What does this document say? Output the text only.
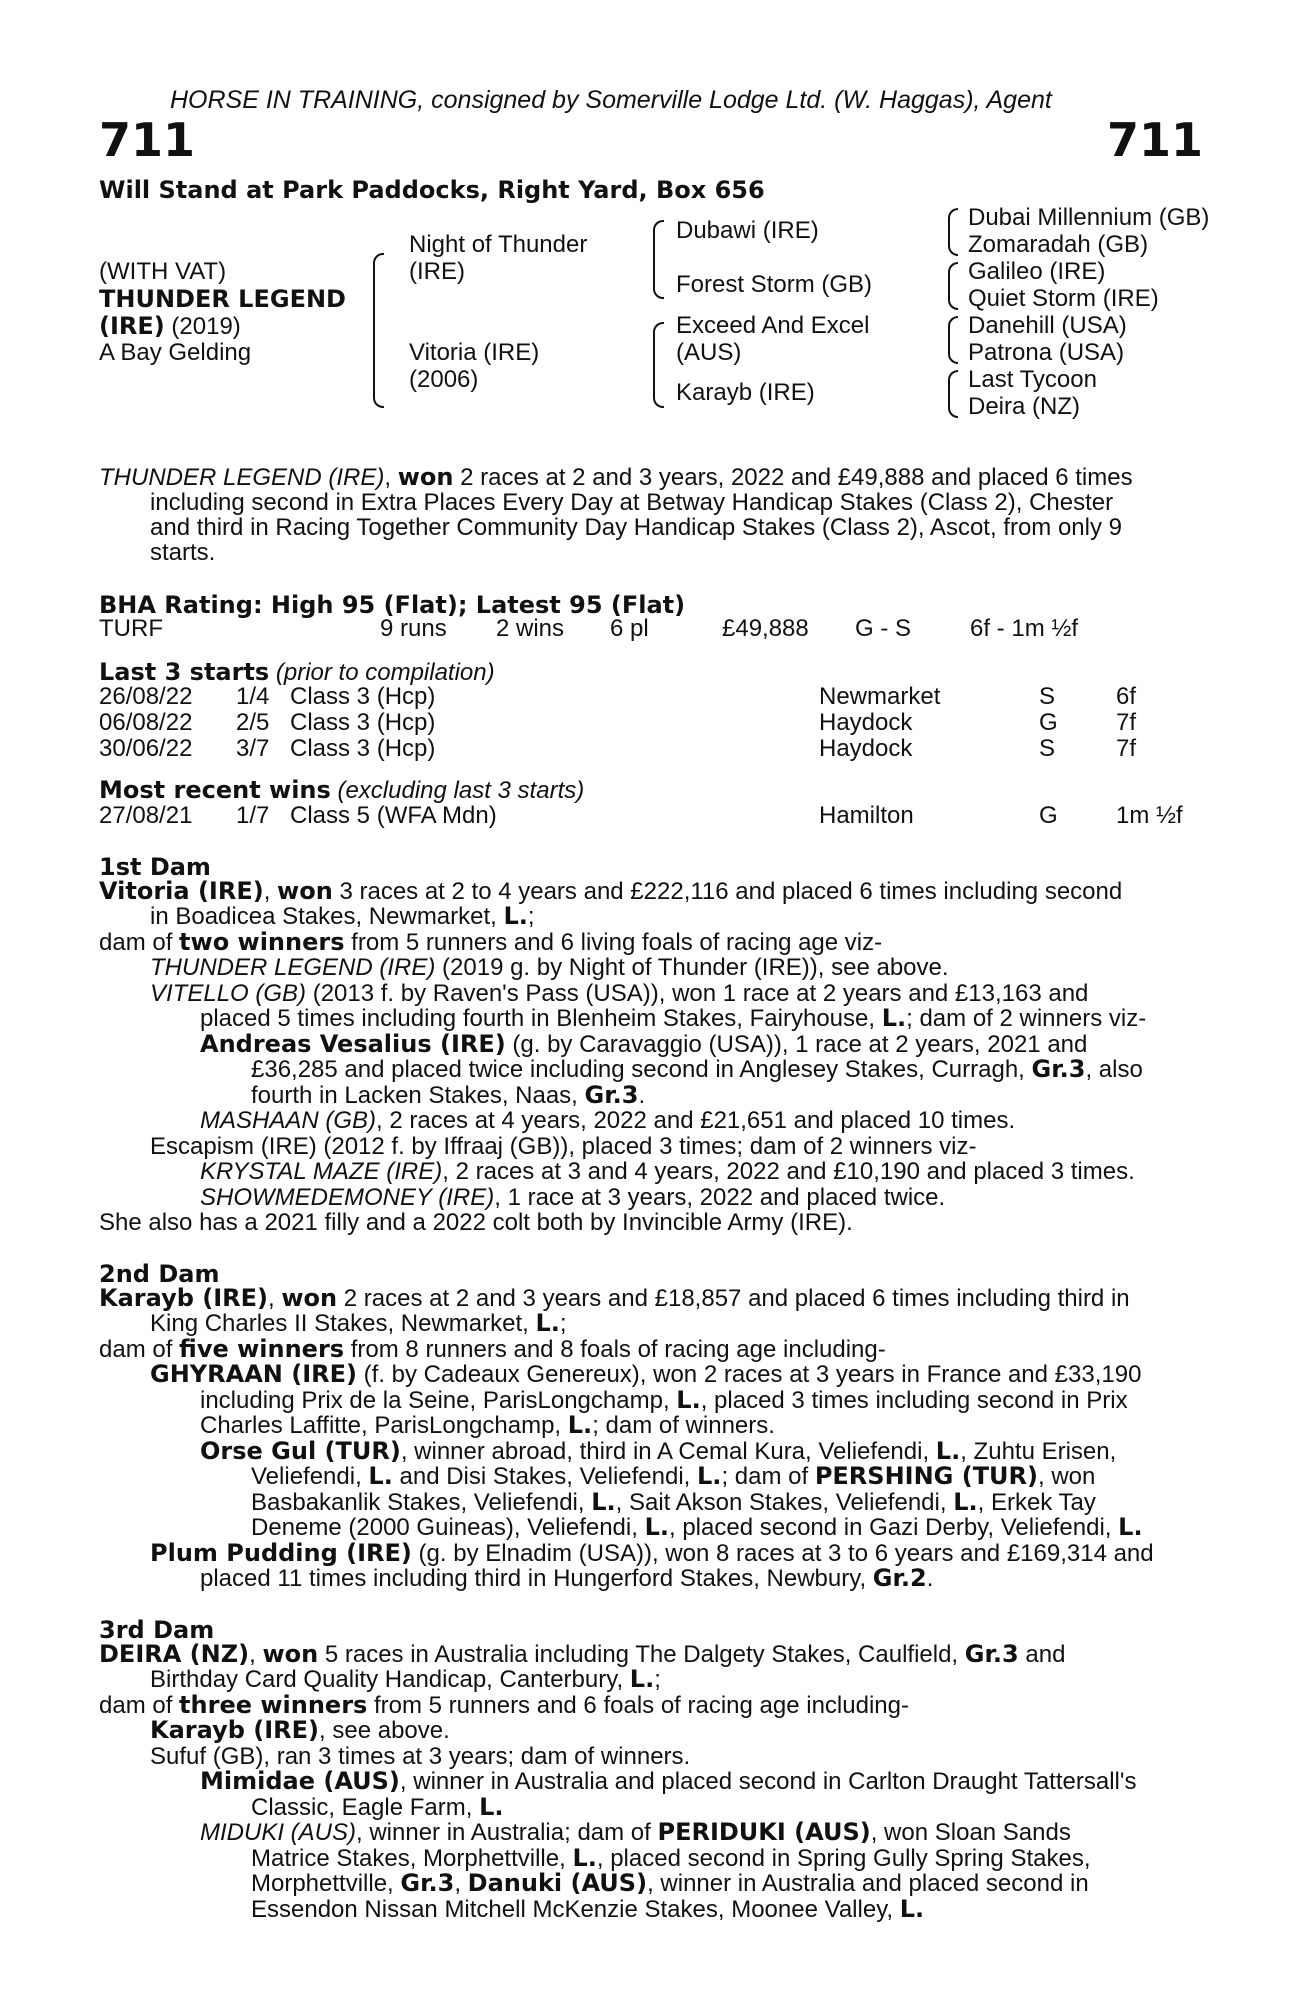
HORSE IN TRAINING, consigned by Somerville Lodge Ltd. (W. Haggas), Agent
711	711
Will Stand at Park Paddocks, Right Yard, Box 656
(WITH VAT)
THUNDER LEGEND
(IRE) (2019)
A Bay Gelding
Night of Thunder
(IRE)
Vitoria (IRE)
(2006)
Dubawi (IRE)
Forest Storm (GB)
Exceed And Excel
(AUS)
Karayb (IRE)
Dubai Millennium (GB)
Zomaradah (GB)
Galileo (IRE)
Quiet Storm (IRE)
Danehill (USA)
Patrona (USA)
Last Tycoon
Deira (NZ)
THUNDER LEGEND (IRE), won 2 races at 2 and 3 years, 2022 and £49,888 and placed 6 times
including second in Extra Places Every Day at Betway Handicap Stakes (Class 2), Chester
and third in Racing Together Community Day Handicap Stakes (Class 2), Ascot, from only 9
starts.
BHA Rating: High 95 (Flat); Latest 95 (Flat)
TURF	9 runs 2 wins 6 pl	£49,888 G - S 6f - 1m ½f
Last 3 starts (prior to compilation)
26/08/22 1/4 Class 3 (Hcp)	Newmarket	S	6f
06/08/22 2/5 Class 3 (Hcp)	Haydock	G 7f
30/06/22 3/7 Class 3 (Hcp)	Haydock	S	7f
Most recent wins (excluding last 3 starts)
27/08/21 1/7 Class 5 (WFA Mdn)	Hamilton	G 1m ½f
1st Dam
Vitoria (IRE), won 3 races at 2 to 4 years and £222,116 and placed 6 times including second
in Boadicea Stakes, Newmarket, L.;
dam of two winners from 5 runners and 6 living foals of racing age viz-
THUNDER LEGEND (IRE) (2019 g. by Night of Thunder (IRE)), see above.
VITELLO (GB) (2013 f. by Raven's Pass (USA)), won 1 race at 2 years and £13,163 and
placed 5 times including fourth in Blenheim Stakes, Fairyhouse, L.; dam of 2 winners viz-
Andreas Vesalius (IRE) (g. by Caravaggio (USA)), 1 race at 2 years, 2021 and
£36,285 and placed twice including second in Anglesey Stakes, Curragh, Gr.3, also
fourth in Lacken Stakes, Naas, Gr.3.
MASHAAN (GB), 2 races at 4 years, 2022 and £21,651 and placed 10 times.
Escapism (IRE) (2012 f. by Iffraaj (GB)), placed 3 times; dam of 2 winners viz-
KRYSTAL MAZE (IRE), 2 races at 3 and 4 years, 2022 and £10,190 and placed 3 times.
SHOWMEDEMONEY (IRE), 1 race at 3 years, 2022 and placed twice.
She also has a 2021 filly and a 2022 colt both by Invincible Army (IRE).
2nd Dam
Karayb (IRE), won 2 races at 2 and 3 years and £18,857 and placed 6 times including third in
King Charles II Stakes, Newmarket, L.;
dam of five winners from 8 runners and 8 foals of racing age including-
GHYRAAN (IRE) (f. by Cadeaux Genereux), won 2 races at 3 years in France and £33,190
including Prix de la Seine, ParisLongchamp, L., placed 3 times including second in Prix
Charles Laffitte, ParisLongchamp, L.; dam of winners.
Orse Gul (TUR), winner abroad, third in A Cemal Kura, Veliefendi, L., Zuhtu Erisen,
Veliefendi, L. and Disi Stakes, Veliefendi, L.; dam of PERSHING (TUR), won
Basbakanlik Stakes, Veliefendi, L., Sait Akson Stakes, Veliefendi, L., Erkek Tay
Deneme (2000 Guineas), Veliefendi, L., placed second in Gazi Derby, Veliefendi, L.
Plum Pudding (IRE) (g. by Elnadim (USA)), won 8 races at 3 to 6 years and £169,314 and
placed 11 times including third in Hungerford Stakes, Newbury, Gr.2.
3rd Dam
DEIRA (NZ), won 5 races in Australia including The Dalgety Stakes, Caulfield, Gr.3 and
Birthday Card Quality Handicap, Canterbury, L.;
dam of three winners from 5 runners and 6 foals of racing age including-
Karayb (IRE), see above.
Sufuf (GB), ran 3 times at 3 years; dam of winners.
Mimidae (AUS), winner in Australia and placed second in Carlton Draught Tattersall's
Classic, Eagle Farm, L.
MIDUKI (AUS), winner in Australia; dam of PERIDUKI (AUS), won Sloan Sands
Matrice Stakes, Morphettville, L., placed second in Spring Gully Spring Stakes,
Morphettville, Gr.3, Danuki (AUS), winner in Australia and placed second in
Essendon Nissan Mitchell McKenzie Stakes, Moonee Valley, L.
